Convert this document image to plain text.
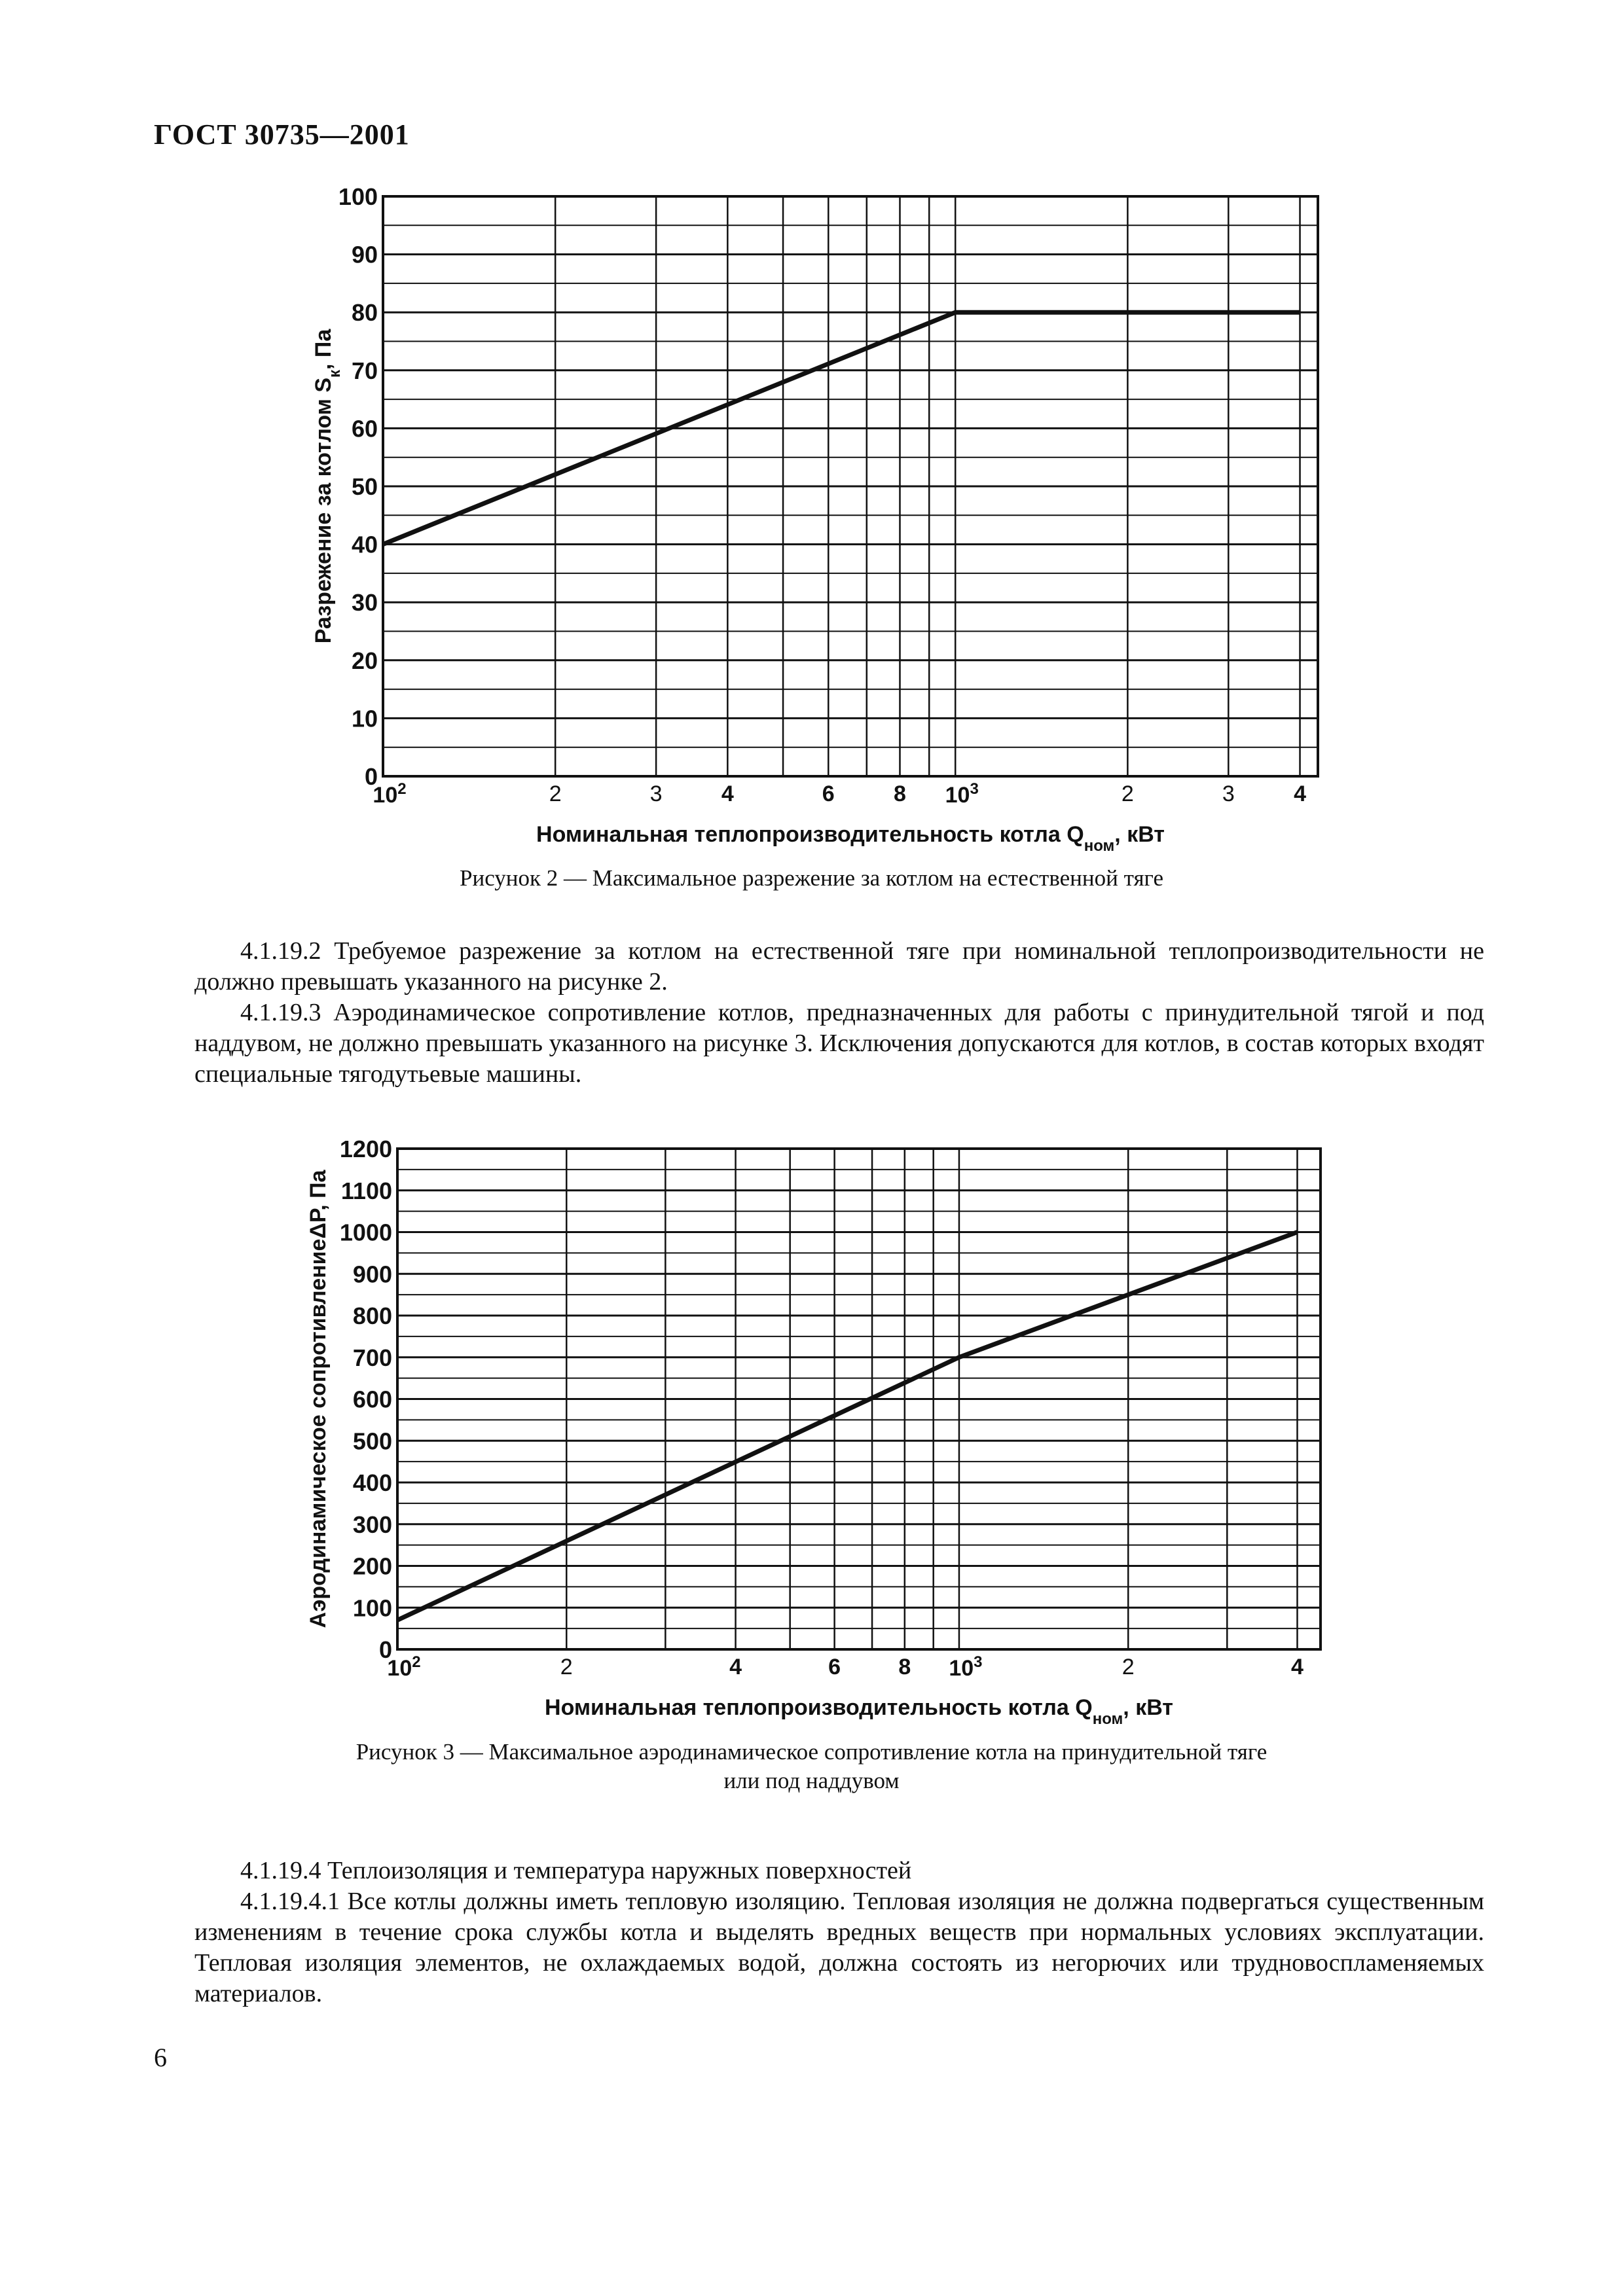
ГОСТ 30735—2001
0
10
20
30
40
50
60
70
80
90
100
2	3	4	6	8	2	3	4
$10^2$	$10^3$
Номинальная теплопроизводительность котла $Q_{ном}$, кВт
Разрежение за котлом $S_к$, Па
Рисунок 2 — Максимальное разрежение за котлом на естественной тяге

4.1.19.2 Требуемое разрежение за котлом на естественной тяге при номинальной теплопроизводительности не должно превышать указанного на рисунке 2.

4.1.19.3 Аэродинамическое сопротивление котлов, предназначенных для работы с принудительной тягой и под наддувом, не должно превышать указанного на рисунке 3. Исключения допускаются для котлов, в состав которых входят специальные тягодутьевые машины.

0
100
200
300
400
500
600
700
800
900
1000
1100
1200
2	4	6	8	2	4
$10^2$	$10^3$
Номинальная теплопроизводительность котла $Q_{ном}$, кВт
Аэродинамическое сопротивлениеΔP, Па
Рисунок 3 — Максимальное аэродинамическое сопротивление котла на принудительной тяге
или под наддувом

4.1.19.4 Теплоизоляция и температура наружных поверхностей

4.1.19.4.1 Все котлы должны иметь тепловую изоляцию. Тепловая изоляция не должна подвергаться существенным изменениям в течение срока службы котла и выделять вредных веществ при нормальных условиях эксплуатации. Тепловая изоляция элементов, не охлаждаемых водой, должна состоять из негорючих или трудновоспламеняемых материалов.

6
